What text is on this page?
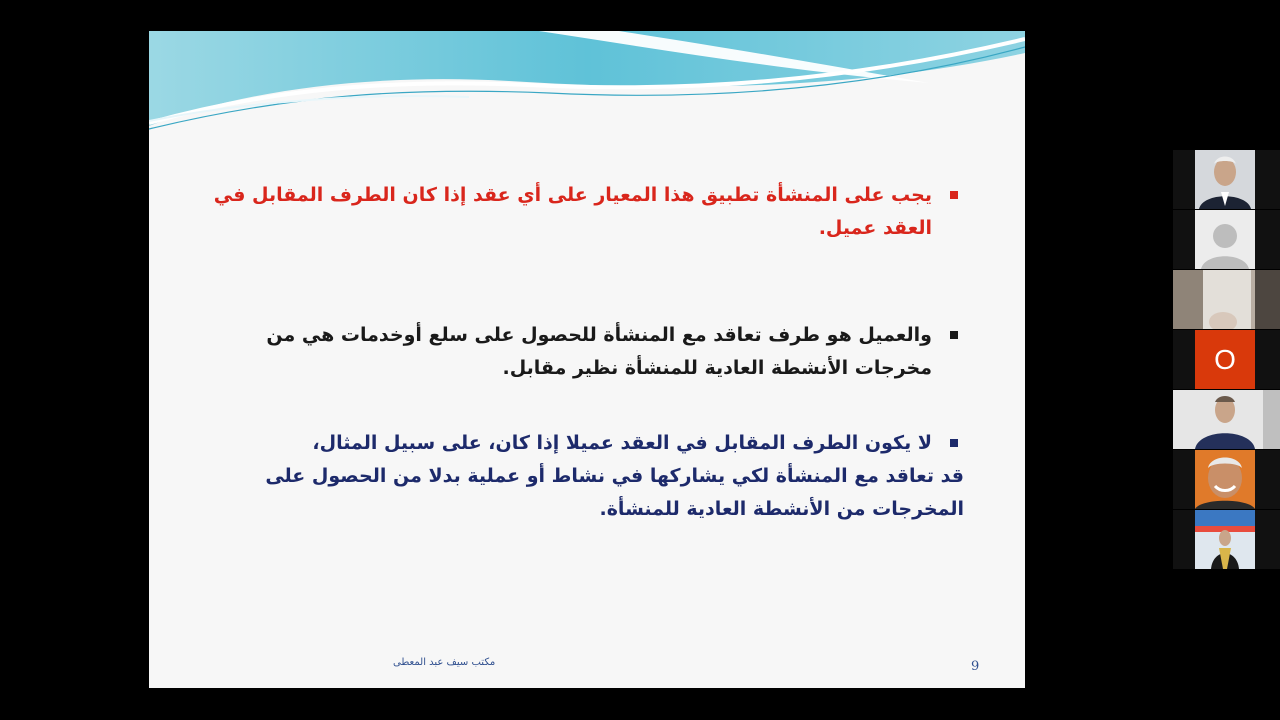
يجب على المنشأة تطبيق هذا المعيار على أي عقد إذا كان الطرف المقابل في العقد عميل.
والعميل هو طرف تعاقد مع المنشأة للحصول على سلع أوخدمات هي من مخرجات الأنشطة العادية للمنشأة نظير مقابل.
لا يكون الطرف المقابل في العقد عميلا إذا كان، على سبيل المثال،
قد تعاقد مع المنشأة لكي يشاركها في نشاط أو عملية بدلا من الحصول على المخرجات من الأنشطة العادية للمنشأة.
مكتب سيف عبد المعطى	9
O
